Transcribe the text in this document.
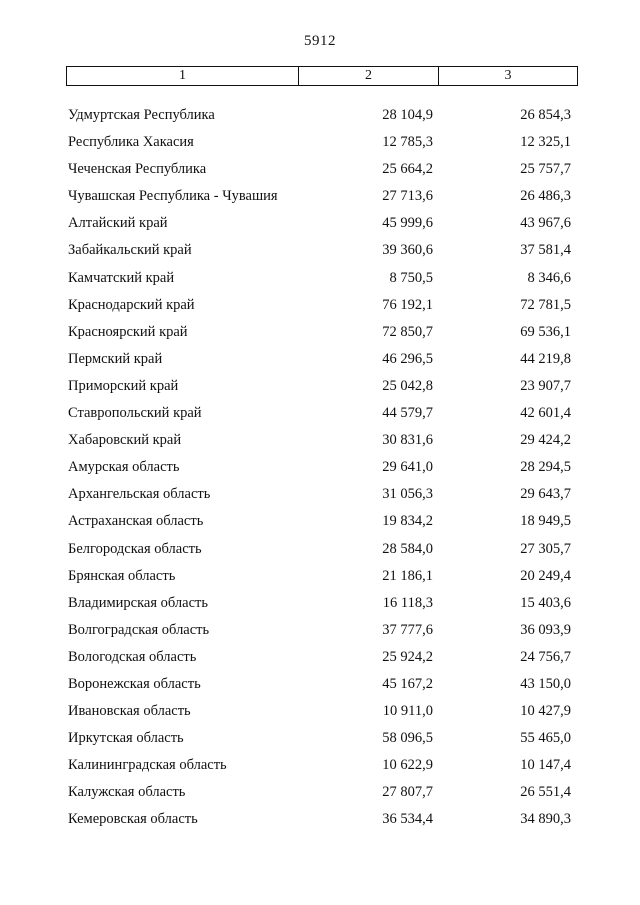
5912
1	2	3
Удмуртская Республика	28 104,9	26 854,3
Республика Хакасия	12 785,3	12 325,1
Чеченская Республика	25 664,2	25 757,7
Чувашская Республика - Чувашия	27 713,6	26 486,3
Алтайский край	45 999,6	43 967,6
Забайкальский край	39 360,6	37 581,4
Камчатский край	8 750,5	8 346,6
Краснодарский край	76 192,1	72 781,5
Красноярский край	72 850,7	69 536,1
Пермский край	46 296,5	44 219,8
Приморский край	25 042,8	23 907,7
Ставропольский край	44 579,7	42 601,4
Хабаровский край	30 831,6	29 424,2
Амурская область	29 641,0	28 294,5
Архангельская область	31 056,3	29 643,7
Астраханская область	19 834,2	18 949,5
Белгородская область	28 584,0	27 305,7
Брянская область	21 186,1	20 249,4
Владимирская область	16 118,3	15 403,6
Волгоградская область	37 777,6	36 093,9
Вологодская область	25 924,2	24 756,7
Воронежская область	45 167,2	43 150,0
Ивановская область	10 911,0	10 427,9
Иркутская область	58 096,5	55 465,0
Калининградская область	10 622,9	10 147,4
Калужская область	27 807,7	26 551,4
Кемеровская область	36 534,4	34 890,3
